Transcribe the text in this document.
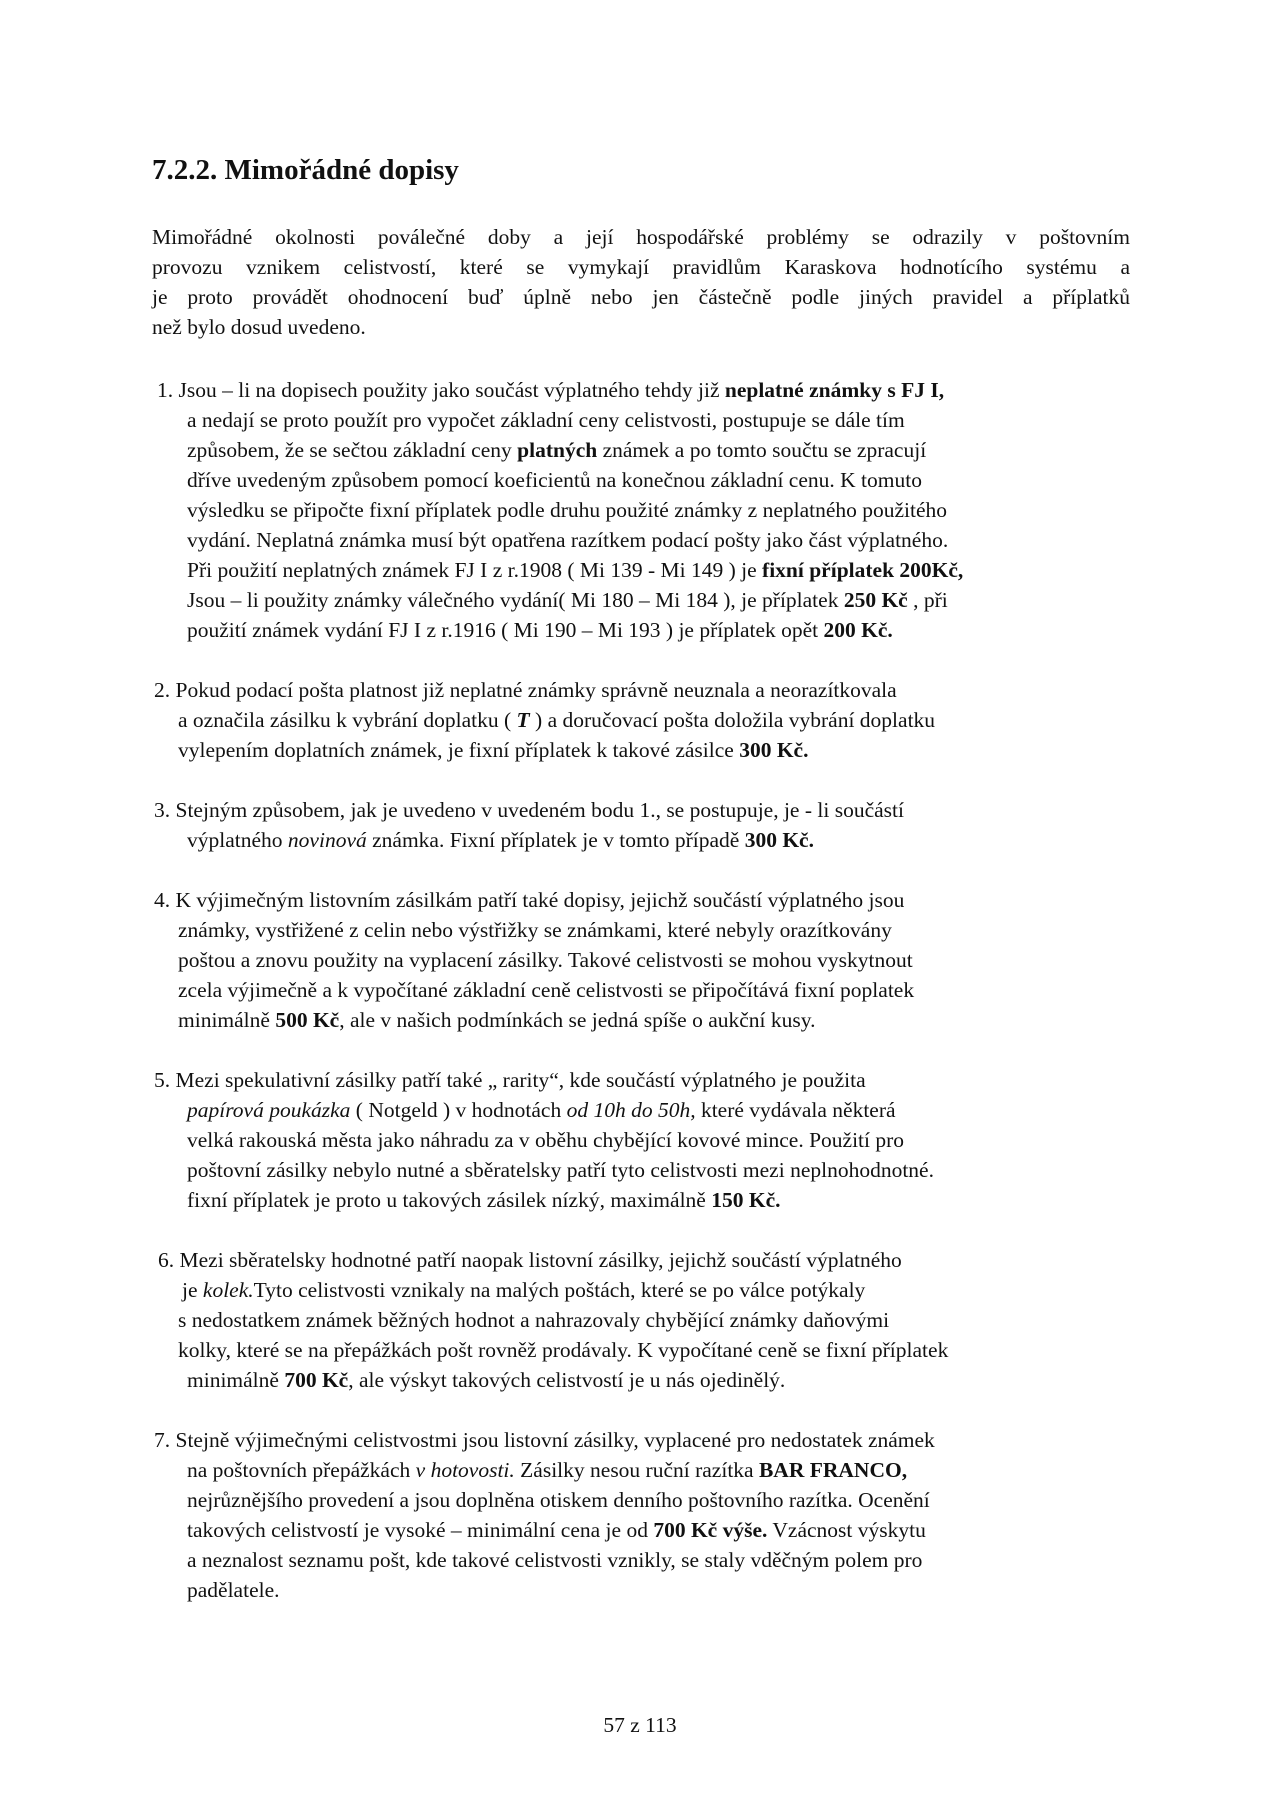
7.2.2. Mimořádné dopisy

Mimořádné okolnosti poválečné doby a její hospodářské problémy se odrazily v poštovním

provozu vznikem celistvostí, které se vymykají pravidlům Karaskova hodnotícího systému a

je proto provádět ohodnocení buď úplně nebo jen částečně podle jiných pravidel a příplatků

než bylo dosud uvedeno.

1. Jsou – li na dopisech použity jako součást výplatného tehdy již neplatné známky s FJ I,

a nedají se proto použít pro vypočet základní ceny celistvosti, postupuje se dále tím

způsobem, že se sečtou základní ceny platných známek a po tomto součtu se zpracují

dříve uvedeným způsobem pomocí koeficientů na konečnou základní cenu. K tomuto

výsledku se připočte fixní příplatek podle druhu použité známky z neplatného použitého

vydání. Neplatná známka musí být opatřena razítkem podací pošty jako část výplatného.

Při použití neplatných známek FJ I z r.1908 ( Mi 139 - Mi 149 ) je fixní příplatek 200Kč,

Jsou – li použity známky válečného vydání( Mi 180 – Mi 184 ), je příplatek 250 Kč , při

použití známek vydání FJ I z r.1916 ( Mi 190 – Mi 193 ) je příplatek opět 200 Kč.

2. Pokud podací pošta platnost již neplatné známky správně neuznala a neorazítkovala

a označila zásilku k vybrání doplatku ( T ) a doručovací pošta doložila vybrání doplatku

vylepením doplatních známek, je fixní příplatek k takové zásilce 300 Kč.

3. Stejným způsobem, jak je uvedeno v uvedeném bodu 1., se postupuje, je - li součástí

výplatného novinová známka. Fixní příplatek je v tomto případě 300 Kč.

4. K výjimečným listovním zásilkám patří také dopisy, jejichž součástí výplatného jsou

známky, vystřižené z celin nebo výstřižky se známkami, které nebyly orazítkovány

poštou a znovu použity na vyplacení zásilky. Takové celistvosti se mohou vyskytnout

zcela výjimečně a k vypočítané základní ceně celistvosti se připočítává fixní poplatek

minimálně 500 Kč, ale v našich podmínkách se jedná spíše o aukční kusy.

5. Mezi spekulativní zásilky patří také „ rarity“, kde součástí výplatného je použita

papírová poukázka ( Notgeld ) v hodnotách od 10h do 50h, které vydávala některá

velká rakouská města jako náhradu za v oběhu chybějící kovové mince. Použití pro

poštovní zásilky nebylo nutné a sběratelsky patří tyto celistvosti mezi neplnohodnotné.

fixní příplatek je proto u takových zásilek nízký, maximálně 150 Kč.

6. Mezi sběratelsky hodnotné patří naopak listovní zásilky, jejichž součástí výplatného

je kolek.Tyto celistvosti vznikaly na malých poštách, které se po válce potýkaly

s nedostatkem známek běžných hodnot a nahrazovaly chybějící známky daňovými

kolky, které se na přepážkách pošt rovněž prodávaly. K vypočítané ceně se fixní příplatek

minimálně 700 Kč, ale výskyt takových celistvostí je u nás ojedinělý.

7. Stejně výjimečnými celistvostmi jsou listovní zásilky, vyplacené pro nedostatek známek

na poštovních přepážkách v hotovosti. Zásilky nesou ruční razítka BAR FRANCO,

nejrůznějšího provedení a jsou doplněna otiskem denního poštovního razítka. Ocenění

takových celistvostí je vysoké – minimální cena je od 700 Kč výše. Vzácnost výskytu

a neznalost seznamu pošt, kde takové celistvosti vznikly, se staly vděčným polem pro

padělatele.

57 z 113
